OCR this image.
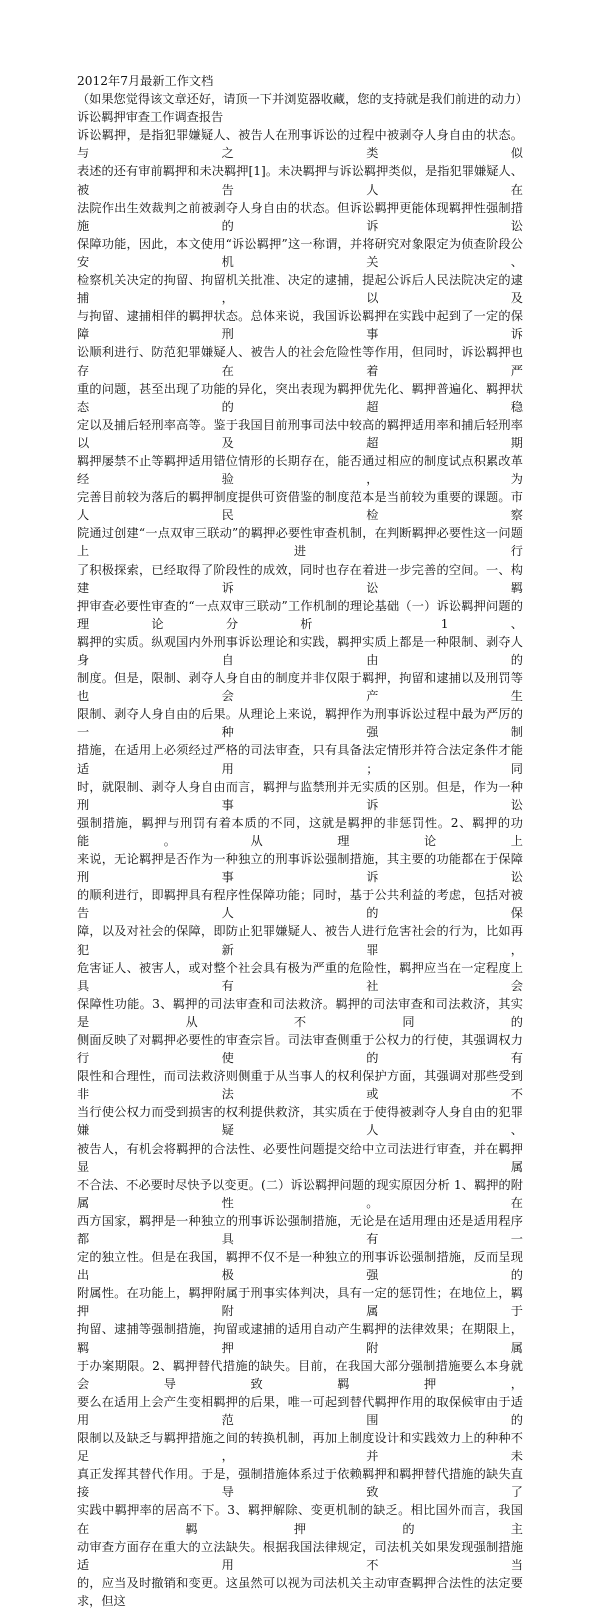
2012年7月最新工作文档
（如果您觉得该文章还好，请顶一下并浏览器收藏，您的支持就是我们前进的动力）
诉讼羁押审查工作调查报告
诉讼羁押，是指犯罪嫌疑人、被告人在刑事诉讼的过程中被剥夺人身自由的状态。与之类似
表述的还有审前羁押和未决羁押[1]。未决羁押与诉讼羁押类似，是指犯罪嫌疑人、被告人在
法院作出生效裁判之前被剥夺人身自由的状态。但诉讼羁押更能体现羁押性强制措施的诉讼
保障功能，因此，本文使用“诉讼羁押”这一称谓，并将研究对象限定为侦查阶段公安机关、
检察机关决定的拘留、拘留机关批准、决定的逮捕，提起公诉后人民法院决定的逮捕，以及
与拘留、逮捕相伴的羁押状态。总体来说，我国诉讼羁押在实践中起到了一定的保障刑事诉
讼顺利进行、防范犯罪嫌疑人、被告人的社会危险性等作用，但同时，诉讼羁押也存在着严
重的问题，甚至出现了功能的异化，突出表现为羁押优先化、羁押普遍化、羁押状态的超稳
定以及捕后轻刑率高等。鉴于我国目前刑事司法中较高的羁押适用率和捕后轻刑率以及超期
羁押屡禁不止等羁押适用错位情形的长期存在，能否通过相应的制度试点积累改革经验，为
完善目前较为落后的羁押制度提供可资借鉴的制度范本是当前较为重要的课题。市人民检察
院通过创建“一点双审三联动”的羁押必要性审查机制，在判断羁押必要性这一问题上进行
了积极探索，已经取得了阶段性的成效，同时也存在着进一步完善的空间。一、构建诉讼羁
押审查必要性审查的“一点双审三联动”工作机制的理论基础（一）诉讼羁押问题的理论分析 1、
羁押的实质。纵观国内外刑事诉讼理论和实践，羁押实质上都是一种限制、剥夺人身自由的
制度。但是，限制、剥夺人身自由的制度并非仅限于羁押，拘留和逮捕以及刑罚等也会产生
限制、剥夺人身自由的后果。从理论上来说，羁押作为刑事诉讼过程中最为严厉的一种强制
措施，在适用上必须经过严格的司法审查，只有具备法定情形并符合法定条件才能适用；同
时，就限制、剥夺人身自由而言，羁押与监禁刑并无实质的区别。但是，作为一种刑事诉讼
强制措施，羁押与刑罚有着本质的不同，这就是羁押的非惩罚性。2、羁押的功能。从理论上
来说，无论羁押是否作为一种独立的刑事诉讼强制措施，其主要的功能都在于保障刑事诉讼
的顺利进行，即羁押具有程序性保障功能；同时，基于公共利益的考虑，包括对被告人的保
障，以及对社会的保障，即防止犯罪嫌疑人、被告人进行危害社会的行为，比如再犯新罪，
危害证人、被害人，或对整个社会具有极为严重的危险性，羁押应当在一定程度上具有社会
保障性功能。3、羁押的司法审查和司法救济。羁押的司法审查和司法救济，其实是从不同的
侧面反映了对羁押必要性的审查宗旨。司法审查侧重于公权力的行使，其强调权力行使的有
限性和合理性，而司法救济则侧重于从当事人的权利保护方面，其强调对那些受到非法或不
当行使公权力而受到损害的权利提供救济，其实质在于使得被剥夺人身自由的犯罪嫌疑人、
被告人，有机会将羁押的合法性、必要性问题提交给中立司法进行审查，并在羁押显属
不合法、不必要时尽快予以变更。(二）诉讼羁押问题的现实原因分析 1、羁押的附属性。在
西方国家，羁押是一种独立的刑事诉讼强制措施，无论是在适用理由还是适用程序都具有一
定的独立性。但是在我国，羁押不仅不是一种独立的刑事诉讼强制措施，反而呈现出极强的
附属性。在功能上，羁押附属于刑事实体判决，具有一定的惩罚性；在地位上，羁押附属于
拘留、逮捕等强制措施，拘留或逮捕的适用自动产生羁押的法律效果；在期限上，羁押附属
于办案期限。2、羁押替代措施的缺失。目前，在我国大部分强制措施要么本身就会导致羁押，
要么在适用上会产生变相羁押的后果，唯一可起到替代羁押作用的取保候审由于适用范围的
限制以及缺乏与羁押措施之间的转换机制，再加上制度设计和实践效力上的种种不足，并未
真正发挥其替代作用。于是，强制措施体系过于依赖羁押和羁押替代措施的缺失直接导致了
实践中羁押率的居高不下。3、羁押解除、变更机制的缺乏。相比国外而言，我国在羁押的主
动审查方面存在重大的立法缺失。根据我国法律规定，司法机关如果发现强制措施适用不当
的，应当及时撤销和变更。这虽然可以视为司法机关主动审查羁押合法性的法定要求，但这
